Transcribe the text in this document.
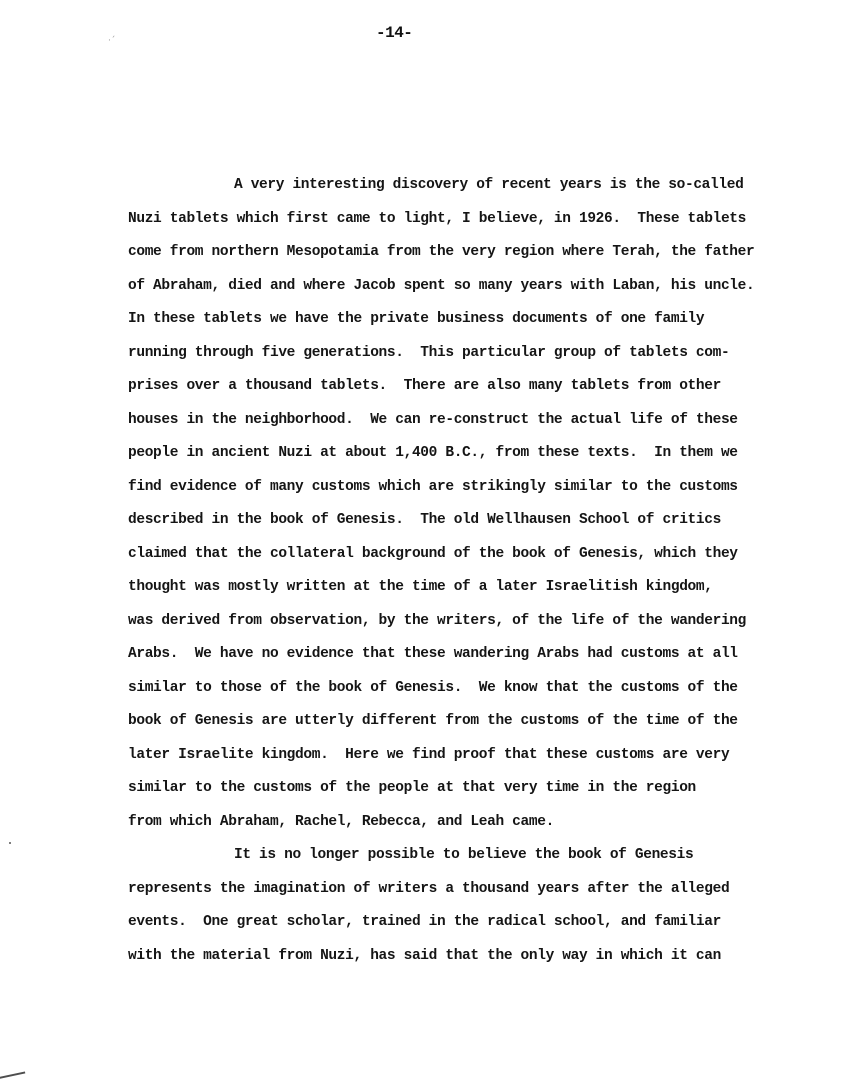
·´	-14-
A very interesting discovery of recent years is the so-called
Nuzi tablets which first came to light, I believe, in 1926.  These tablets
come from northern Mesopotamia from the very region where Terah, the father
of Abraham, died and where Jacob spent so many years with Laban, his uncle.
In these tablets we have the private business documents of one family
running through five generations.  This particular group of tablets com-
prises over a thousand tablets.  There are also many tablets from other
houses in the neighborhood.  We can re-construct the actual life of these
people in ancient Nuzi at about 1,400 B.C., from these texts.  In them we
find evidence of many customs which are strikingly similar to the customs
described in the book of Genesis.  The old Wellhausen School of critics
claimed that the collateral background of the book of Genesis, which they
thought was mostly written at the time of a later Israelitish kingdom,
was derived from observation, by the writers, of the life of the wandering
Arabs.  We have no evidence that these wandering Arabs had customs at all
similar to those of the book of Genesis.  We know that the customs of the
book of Genesis are utterly different from the customs of the time of the
later Israelite kingdom.  Here we find proof that these customs are very
similar to the customs of the people at that very time in the region
from which Abraham, Rachel, Rebecca, and Leah came.
It is no longer possible to believe the book of Genesis
represents the imagination of writers a thousand years after the alleged
events.  One great scholar, trained in the radical school, and familiar
with the material from Nuzi, has said that the only way in which it can
